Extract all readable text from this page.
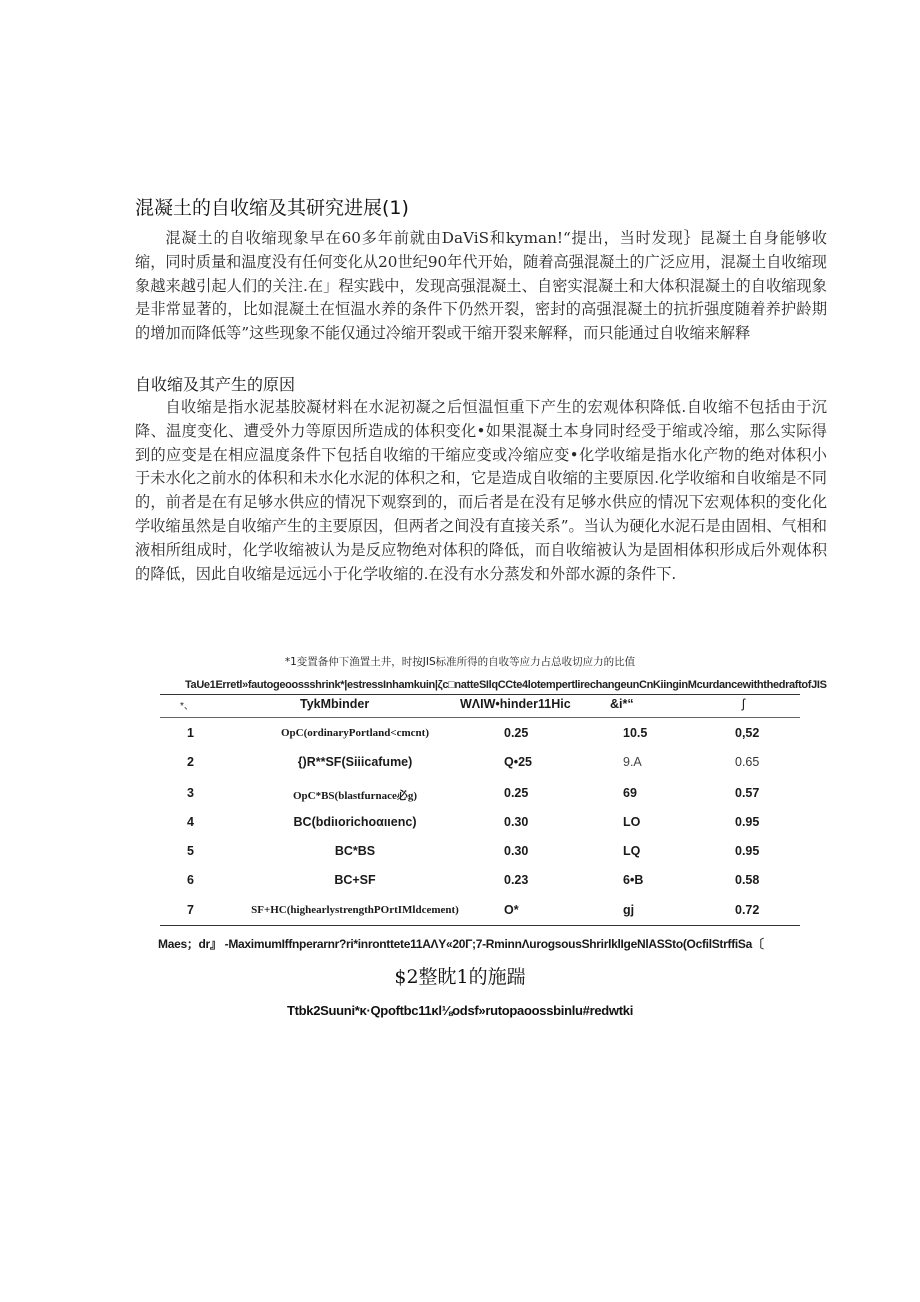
混凝土的自收缩及其研究进展(1)
混凝土的自收缩现象早在60多年前就由DaViS和kyman!“提出，当时发现｝昆凝土自身能够收缩，同时质量和温度没有任何变化从20世纪90年代开始，随着高强混凝土的广泛应用，混凝土自收缩现象越来越引起人们的关注.在」程实践中，发现高强混凝土、自密实混凝土和大体积混凝土的自收缩现象是非常显著的，比如混凝土在恒温水养的条件下仍然开裂，密封的高强混凝土的抗折强度随着养护龄期的增加而降低等”这些现象不能仅通过冷缩开裂或干缩开裂来解释，而只能通过自收缩来解释
自收缩及其产生的原因
自收缩是指水泥基胶凝材料在水泥初凝之后恒温恒重下产生的宏观体积降低.自收缩不包括由于沉降、温度变化、遭受外力等原因所造成的体积变化•如果混凝土本身同时经受于缩或冷缩，那么实际得到的应变是在相应温度条件下包括自收缩的干缩应变或冷缩应变•化学收缩是指水化产物的绝对体积小于未水化之前水的体积和未水化水泥的体积之和，它是造成自收缩的主要原因.化学收缩和自收缩是不同的，前者是在有足够水供应的情况下观察到的，而后者是在没有足够水供应的情况下宏观体积的变化化学收缩虽然是自收缩产生的主要原因，但两者之间没有直接关系”。当认为硬化水泥石是由固相、气相和液相所组成时，化学收缩被认为是反应物绝对体积的降低，而自收缩被认为是固相体积形成后外观体积的降低，因此自收缩是远远小于化学收缩的.在没有水分蒸发和外部水源的条件下.
*1变置备仲下渔置土井，时按JIS标准所得的自收等应力占总收切应力的比值
TaUe1Erretl»fautogeoossshrink*|estressInhamkuin|ζc□natteSIlqCCte4lotempertlirechangeunCnKiinginMcurdancewiththedraftofJIS
*、	TykMbinder	WΛIW•hinder11Hic	&i*“	ʃ
1	OpC(ordinaryPortland<cmcnt)	0.25	10.5	0,52
2	{)R**SF(Siiicafume)	Q•25	9.A	0.65
3	OpC*BS(blastfurnace必g)	0.25	69	0.57
4	BC(bdiιorichoαιιenc)	0.30	LO	0.95
5	BC*BS	0.30	LQ	0.95
6	BC+SF	0.23	6•B	0.58
7	SF+HC(highearlystrengthPOrtIMldcement)	O*	gj	0.72
Maes；dr』 -MaximumIffnperarnr?ri*inronttete11AΛY«20Γ;7-RminnΛurogsousShrirlklIgeNlASSto(OcfilStrffiSa〔
$2整眈1的施踹
Ttbk2Suuni*κ·Qpoftbc11κl⅛odsf»rutopaoossbinlu#redwtki
